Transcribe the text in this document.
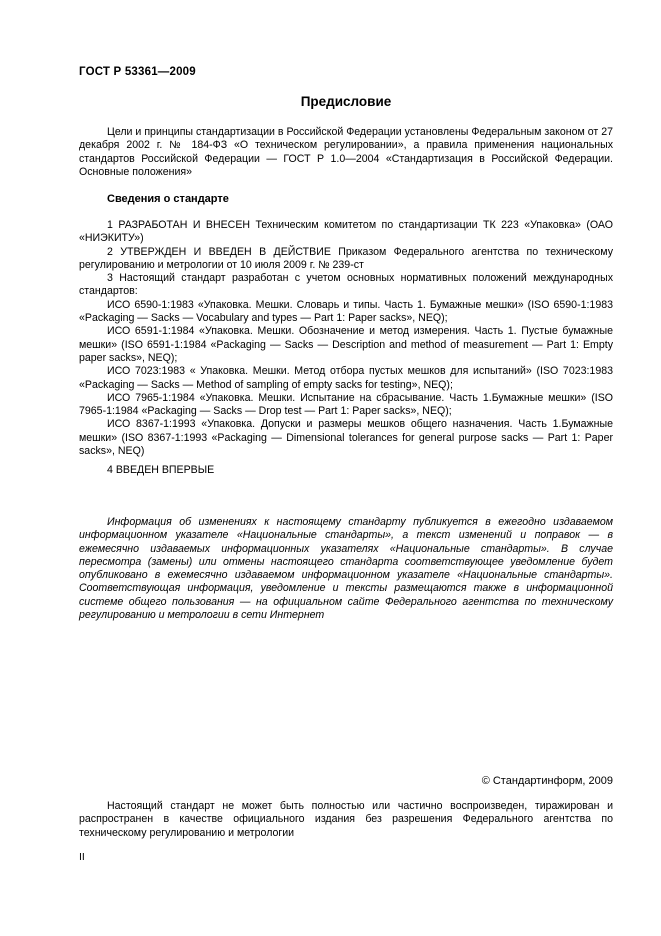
ГОСТ Р 53361—2009
Предисловие

Цели и принципы стандартизации в Российской Федерации установлены Федеральным законом от 27 декабря 2002 г. № 184-ФЗ «О техническом регулировании», а правила применения национальных стандартов Российской Федерации — ГОСТ Р 1.0—2004 «Стандартизация в Российской Федерации. Основные положения»

Сведения о стандарте

1 РАЗРАБОТАН И ВНЕСЕН Техническим комитетом по стандартизации ТК 223 «Упаковка» (ОАО «НИЭКИТУ»)

2 УТВЕРЖДЕН И ВВЕДЕН В ДЕЙСТВИЕ Приказом Федерального агентства по техническому регулированию и метрологии от 10 июля 2009 г. № 239-ст

3 Настоящий стандарт разработан с учетом основных нормативных положений международных стандартов:

ИСО 6590-1:1983 «Упаковка. Мешки. Словарь и типы. Часть 1. Бумажные мешки» (ISO 6590-1:1983 «Packaging — Sacks — Vocabulary and types — Part 1: Paper sacks», NEQ);

ИСО 6591-1:1984 «Упаковка. Мешки. Обозначение и метод измерения. Часть 1. Пустые бумажные мешки» (ISO 6591-1:1984 «Packaging — Sacks — Description and method of measurement — Part 1: Empty paper sacks», NEQ);

ИСО 7023:1983 « Упаковка. Мешки. Метод отбора пустых мешков для испытаний» (ISO 7023:1983 «Packaging — Sacks — Method of sampling of empty sacks for testing», NEQ);

ИСО 7965-1:1984 «Упаковка. Мешки. Испытание на сбрасывание. Часть 1.Бумажные мешки» (ISO 7965-1:1984 «Packaging — Sacks — Drop test — Part 1: Paper sacks», NEQ);

ИСО 8367-1:1993 «Упаковка. Допуски и размеры мешков общего назначения. Часть 1.Бумажные мешки» (ISO 8367-1:1993 «Packaging — Dimensional tolerances for general purpose sacks — Part 1: Paper sacks», NEQ)

4 ВВЕДЕН ВПЕРВЫЕ

Информация об изменениях к настоящему стандарту публикуется в ежегодно издаваемом информационном указателе «Национальные стандарты», а текст изменений и поправок — в ежемесячно издаваемых информационных указателях «Национальные стандарты». В случае пересмотра (замены) или отмены настоящего стандарта соответствующее уведомление будет опубликовано в ежемесячно издаваемом информационном указателе «Национальные стандарты». Соответствующая информация, уведомление и тексты размещаются также в информационной системе общего пользования — на официальном сайте Федерального агентства по техническому регулированию и метрологии в сети Интернет

© Стандартинформ, 2009

Настоящий стандарт не может быть полностью или частично воспроизведен, тиражирован и распространен в качестве официального издания без разрешения Федерального агентства по техническому регулированию и метрологии

II
